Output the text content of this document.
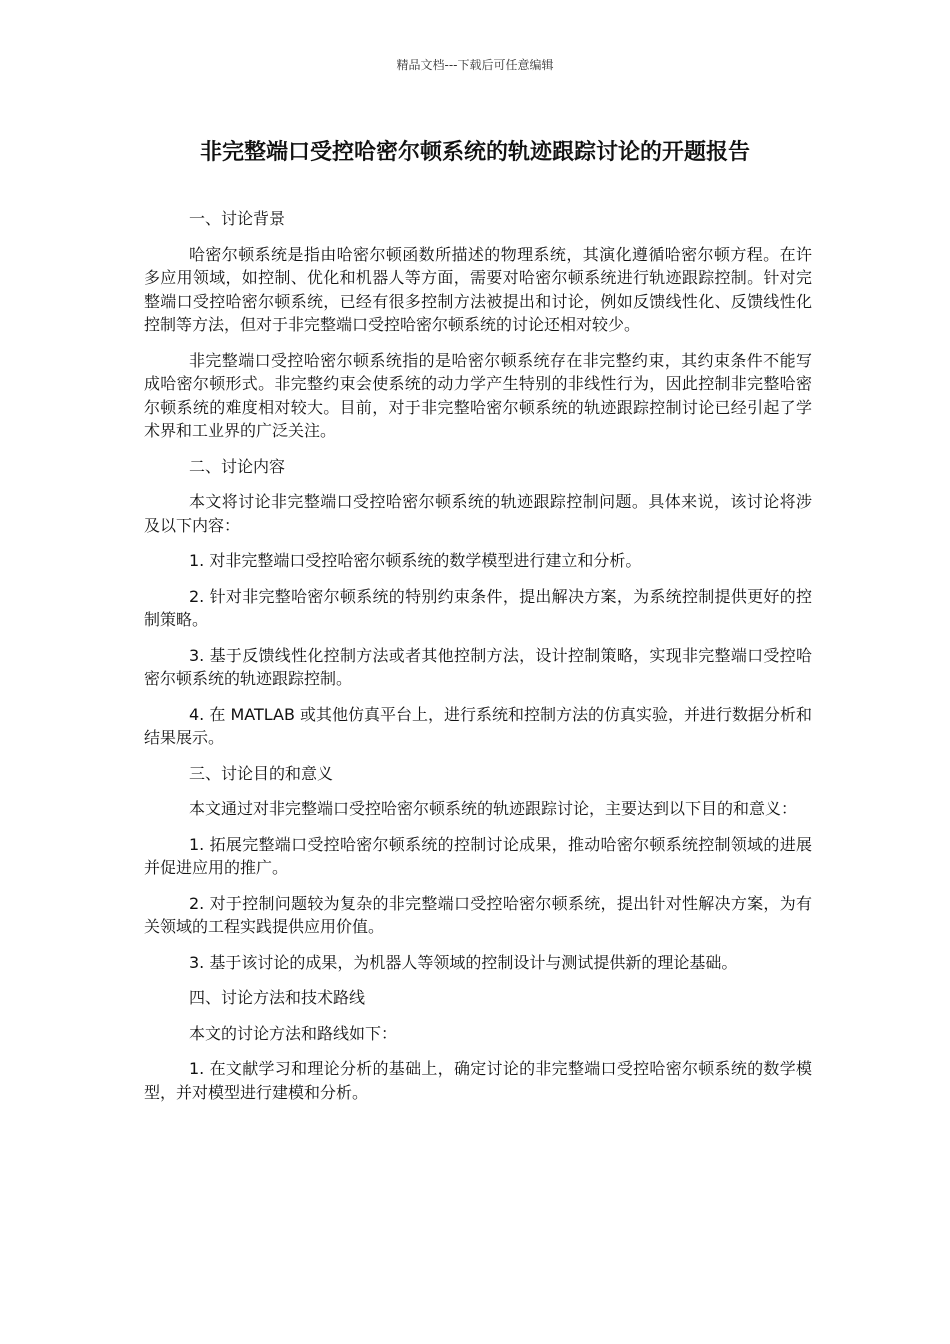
精品文档---下载后可任意编辑
非完整端口受控哈密尔顿系统的轨迹跟踪讨论的开题报告

一、讨论背景

哈密尔顿系统是指由哈密尔顿函数所描述的物理系统，其演化遵循哈密尔顿方程。在许多应用领域，如控制、优化和机器人等方面，需要对哈密尔顿系统进行轨迹跟踪控制。针对完整端口受控哈密尔顿系统，已经有很多控制方法被提出和讨论，例如反馈线性化、反馈线性化控制等方法，但对于非完整端口受控哈密尔顿系统的讨论还相对较少。

非完整端口受控哈密尔顿系统指的是哈密尔顿系统存在非完整约束，其约束条件不能写成哈密尔顿形式。非完整约束会使系统的动力学产生特别的非线性行为，因此控制非完整哈密尔顿系统的难度相对较大。目前，对于非完整哈密尔顿系统的轨迹跟踪控制讨论已经引起了学术界和工业界的广泛关注。

二、讨论内容

本文将讨论非完整端口受控哈密尔顿系统的轨迹跟踪控制问题。具体来说，该讨论将涉及以下内容：

1. 对非完整端口受控哈密尔顿系统的数学模型进行建立和分析。

2. 针对非完整哈密尔顿系统的特别约束条件，提出解决方案，为系统控制提供更好的控制策略。

3. 基于反馈线性化控制方法或者其他控制方法，设计控制策略，实现非完整端口受控哈密尔顿系统的轨迹跟踪控制。

4. 在 MATLAB 或其他仿真平台上，进行系统和控制方法的仿真实验，并进行数据分析和结果展示。

三、讨论目的和意义

本文通过对非完整端口受控哈密尔顿系统的轨迹跟踪讨论，主要达到以下目的和意义：

1. 拓展完整端口受控哈密尔顿系统的控制讨论成果，推动哈密尔顿系统控制领域的进展并促进应用的推广。

2. 对于控制问题较为复杂的非完整端口受控哈密尔顿系统，提出针对性解决方案，为有关领域的工程实践提供应用价值。

3. 基于该讨论的成果，为机器人等领域的控制设计与测试提供新的理论基础。

四、讨论方法和技术路线

本文的讨论方法和路线如下：

1. 在文献学习和理论分析的基础上，确定讨论的非完整端口受控哈密尔顿系统的数学模型，并对模型进行建模和分析。
